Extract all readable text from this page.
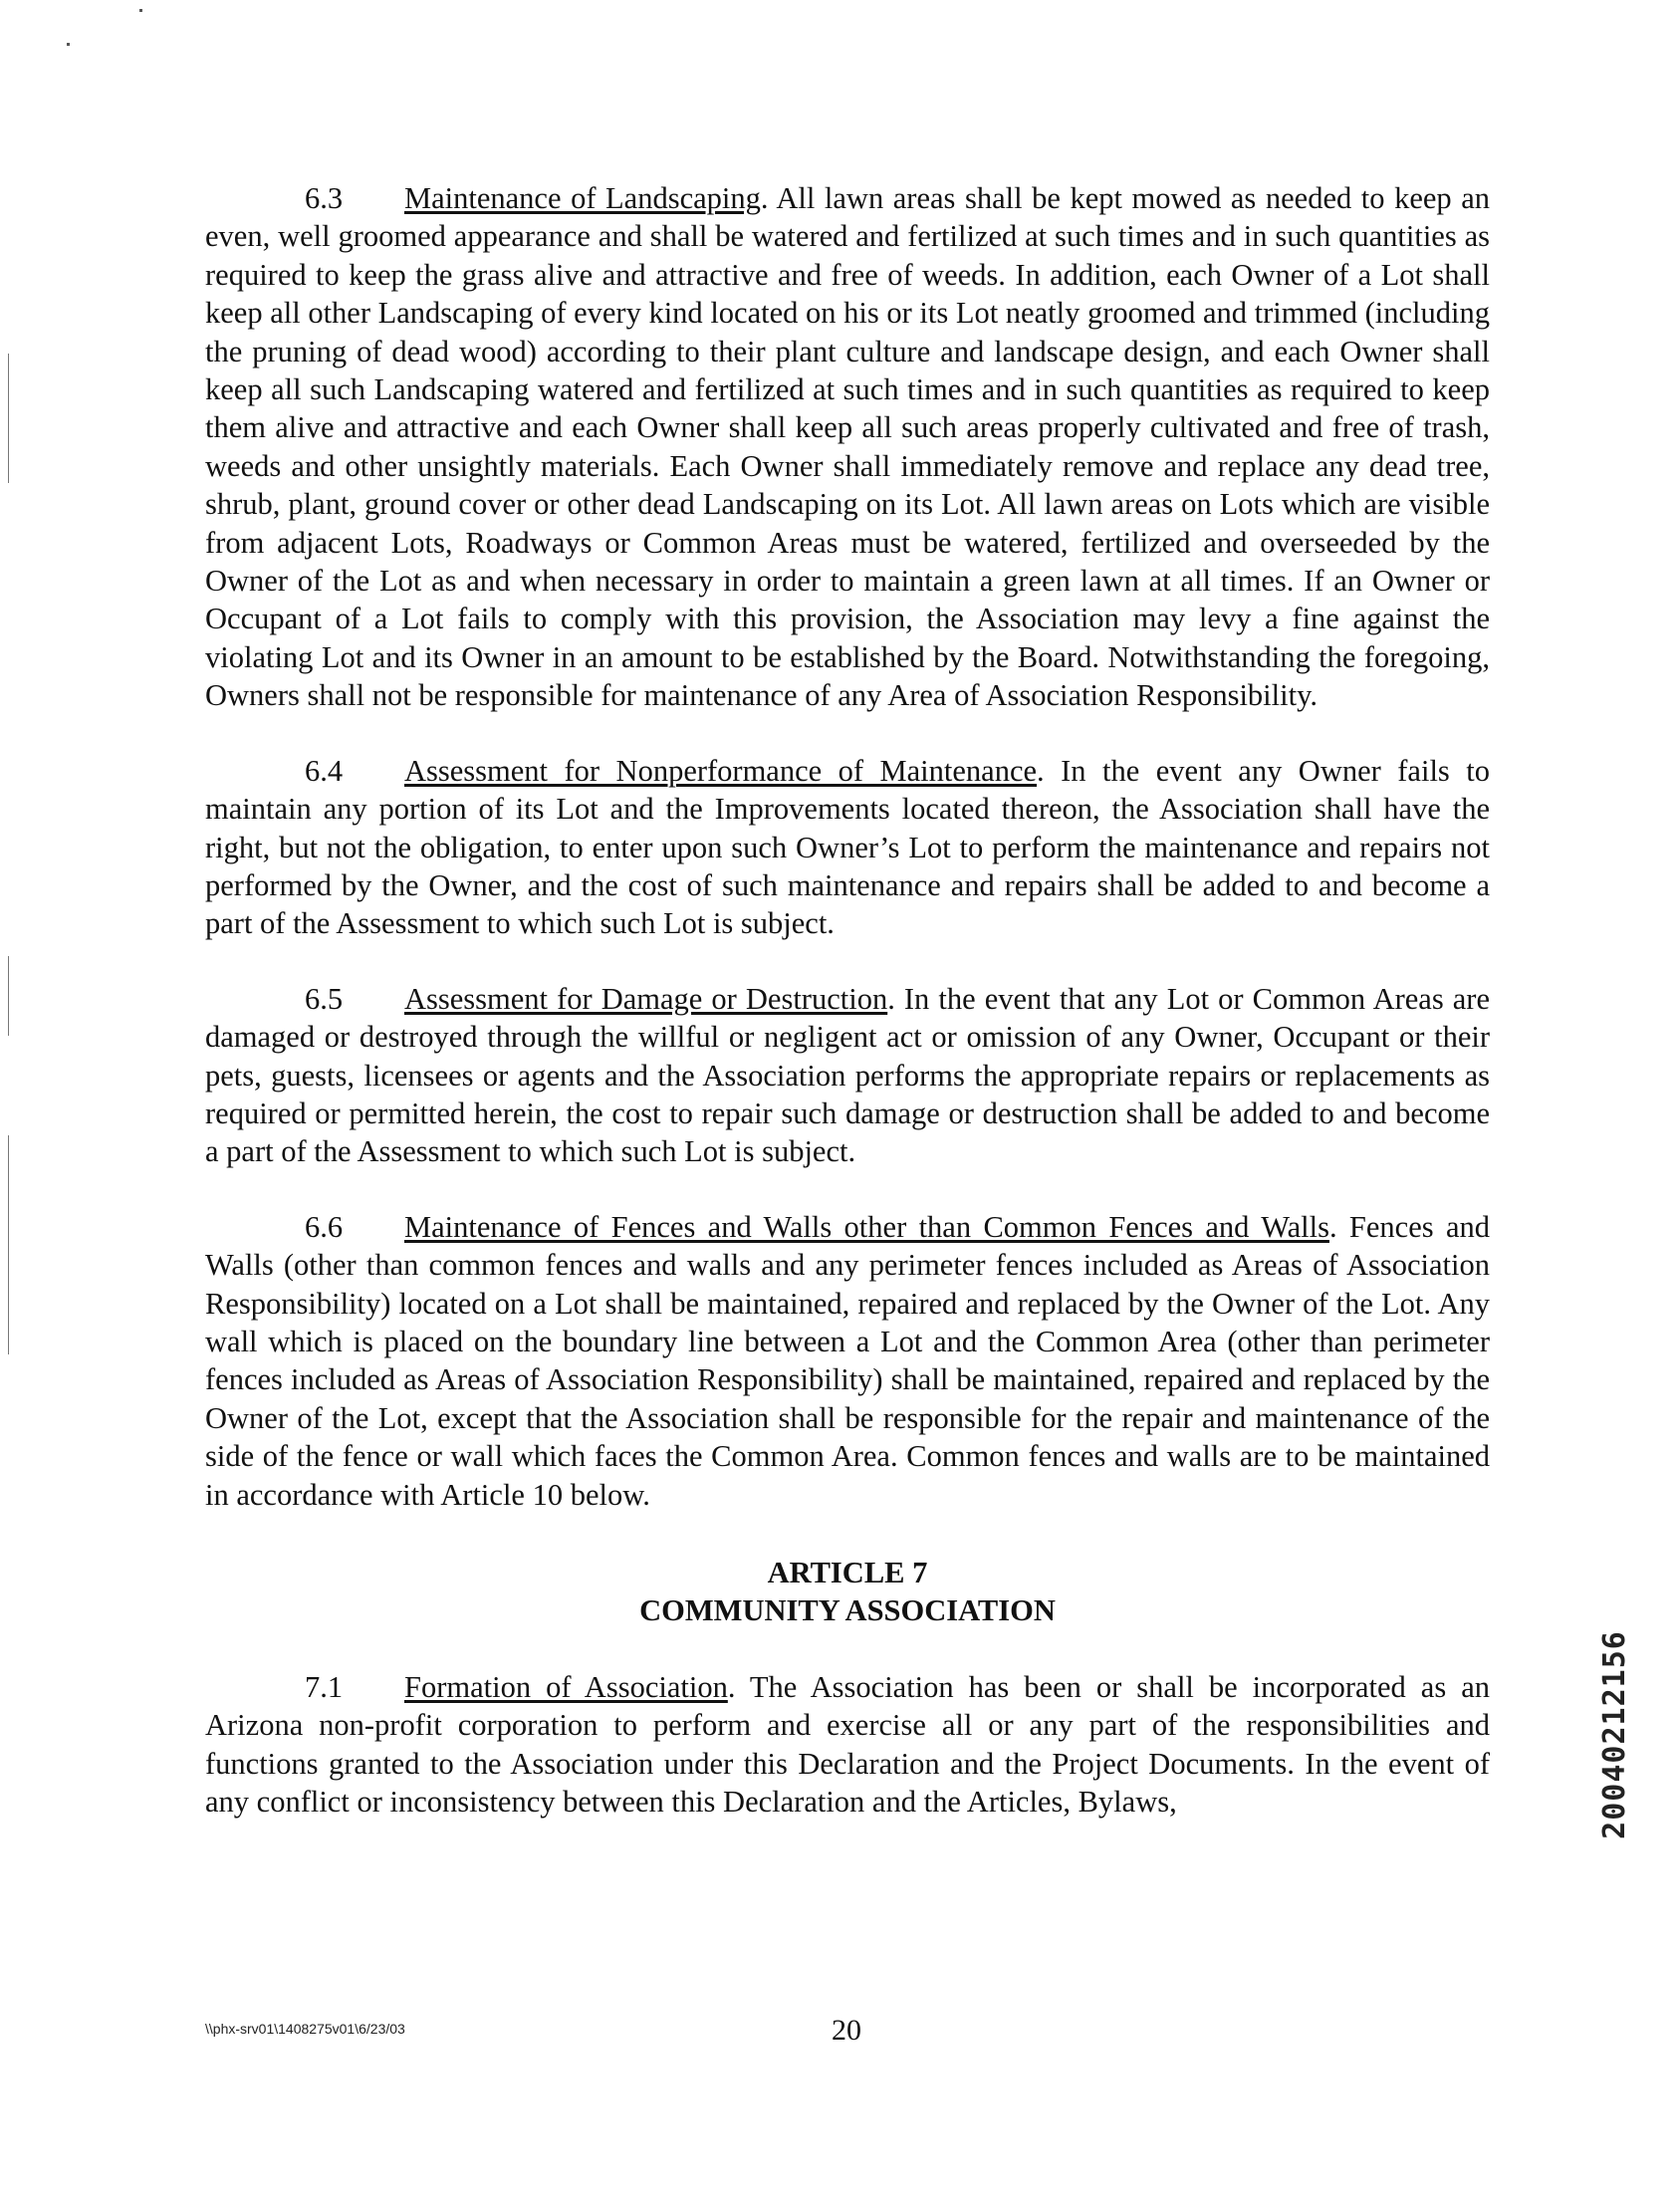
6.3 Maintenance of Landscaping. All lawn areas shall be kept mowed as needed to keep an even, well groomed appearance and shall be watered and fertilized at such times and in such quantities as required to keep the grass alive and attractive and free of weeds. In addition, each Owner of a Lot shall keep all other Landscaping of every kind located on his or its Lot neatly groomed and trimmed (including the pruning of dead wood) according to their plant culture and landscape design, and each Owner shall keep all such Landscaping watered and fertilized at such times and in such quantities as required to keep them alive and attractive and each Owner shall keep all such areas properly cultivated and free of trash, weeds and other unsightly materials. Each Owner shall immediately remove and replace any dead tree, shrub, plant, ground cover or other dead Landscaping on its Lot. All lawn areas on Lots which are visible from adjacent Lots, Roadways or Common Areas must be watered, fertilized and overseeded by the Owner of the Lot as and when necessary in order to maintain a green lawn at all times. If an Owner or Occupant of a Lot fails to comply with this provision, the Association may levy a fine against the violating Lot and its Owner in an amount to be established by the Board. Notwithstanding the foregoing, Owners shall not be responsible for maintenance of any Area of Association Responsibility.

6.4 Assessment for Nonperformance of Maintenance. In the event any Owner fails to maintain any portion of its Lot and the Improvements located thereon, the Association shall have the right, but not the obligation, to enter upon such Owner’s Lot to perform the maintenance and repairs not performed by the Owner, and the cost of such maintenance and repairs shall be added to and become a part of the Assessment to which such Lot is subject.

6.5 Assessment for Damage or Destruction. In the event that any Lot or Common Areas are damaged or destroyed through the willful or negligent act or omission of any Owner, Occupant or their pets, guests, licensees or agents and the Association performs the appropriate repairs or replacements as required or permitted herein, the cost to repair such damage or destruction shall be added to and become a part of the Assessment to which such Lot is subject.

6.6 Maintenance of Fences and Walls other than Common Fences and Walls. Fences and Walls (other than common fences and walls and any perimeter fences included as Areas of Association Responsibility) located on a Lot shall be maintained, repaired and replaced by the Owner of the Lot. Any wall which is placed on the boundary line between a Lot and the Common Area (other than perimeter fences included as Areas of Association Responsibility) shall be maintained, repaired and replaced by the Owner of the Lot, except that the Association shall be responsible for the repair and maintenance of the side of the fence or wall which faces the Common Area. Common fences and walls are to be maintained in accordance with Article 10 below.

ARTICLE 7
COMMUNITY ASSOCIATION

7.1 Formation of Association. The Association has been or shall be incorporated as an Arizona non-profit corporation to perform and exercise all or any part of the responsibilities and functions granted to the Association under this Declaration and the Project Documents. In the event of any conflict or inconsistency between this Declaration and the Articles, Bylaws,

\\phx-srv01\1408275v01\6/23/03	20
20040212156
